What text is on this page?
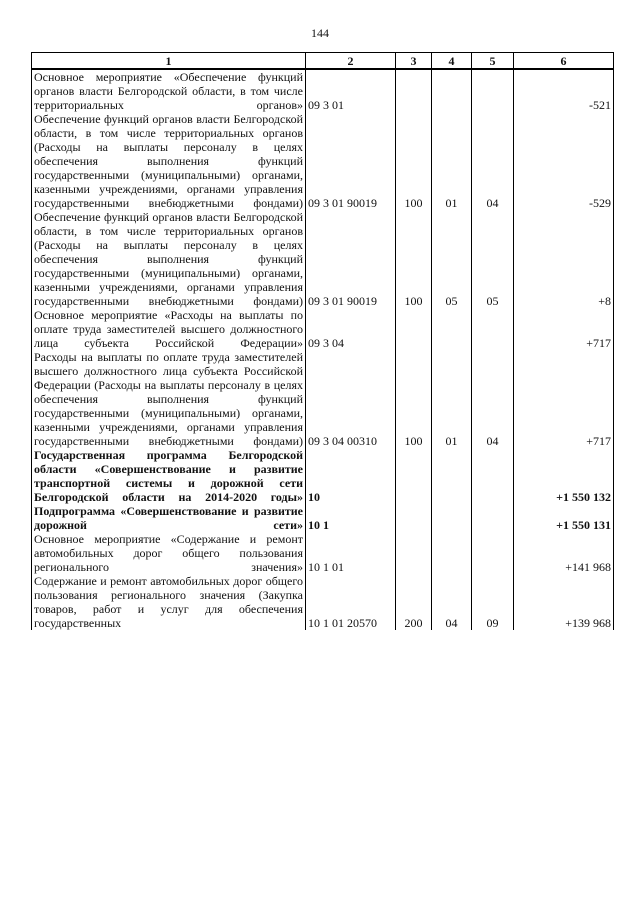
144
1	2	3	4	5	6
Основное мероприятие «Обеспечение функций органов власти Белгородской области, в том числе территориальных органов»	09 3 01				-521
Обеспечение функций органов власти Белгородской области, в том числе территориальных органов (Расходы на выплаты персоналу в целях обеспечения выполнения функций государственными (муниципальными) органами, казенными учреждениями, органами управления государственными внебюджетными фондами)	09 3 01 90019	100	01	04	-529
Обеспечение функций органов власти Белгородской области, в том числе территориальных органов (Расходы на выплаты персоналу в целях обеспечения выполнения функций государственными (муниципальными) органами, казенными учреждениями, органами управления государственными внебюджетными фондами)	09 3 01 90019	100	05	05	+8
Основное мероприятие «Расходы на выплаты по оплате труда заместителей высшего должностного лица субъекта Российской Федерации»	09 3 04				+717
Расходы на выплаты по оплате труда заместителей высшего должностного лица субъекта Российской Федерации (Расходы на выплаты персоналу в целях обеспечения выполнения функций государственными (муниципальными) органами, казенными учреждениями, органами управления государственными внебюджетными фондами)	09 3 04 00310	100	01	04	+717
Государственная программа Белгородской области «Совершенствование и развитие транспортной системы и дорожной сети Белгородской области на 2014-2020 годы»	10				+1 550 132
Подпрограмма «Совершенствование и развитие дорожной сети»	10 1				+1 550 131
Основное мероприятие «Содержание и ремонт автомобильных дорог общего пользования регионального значения»	10 1 01				+141 968
Содержание и ремонт автомобильных дорог общего пользования регионального значения (Закупка товаров, работ и услуг для обеспечения государственных	10 1 01 20570	200	04	09	+139 968
